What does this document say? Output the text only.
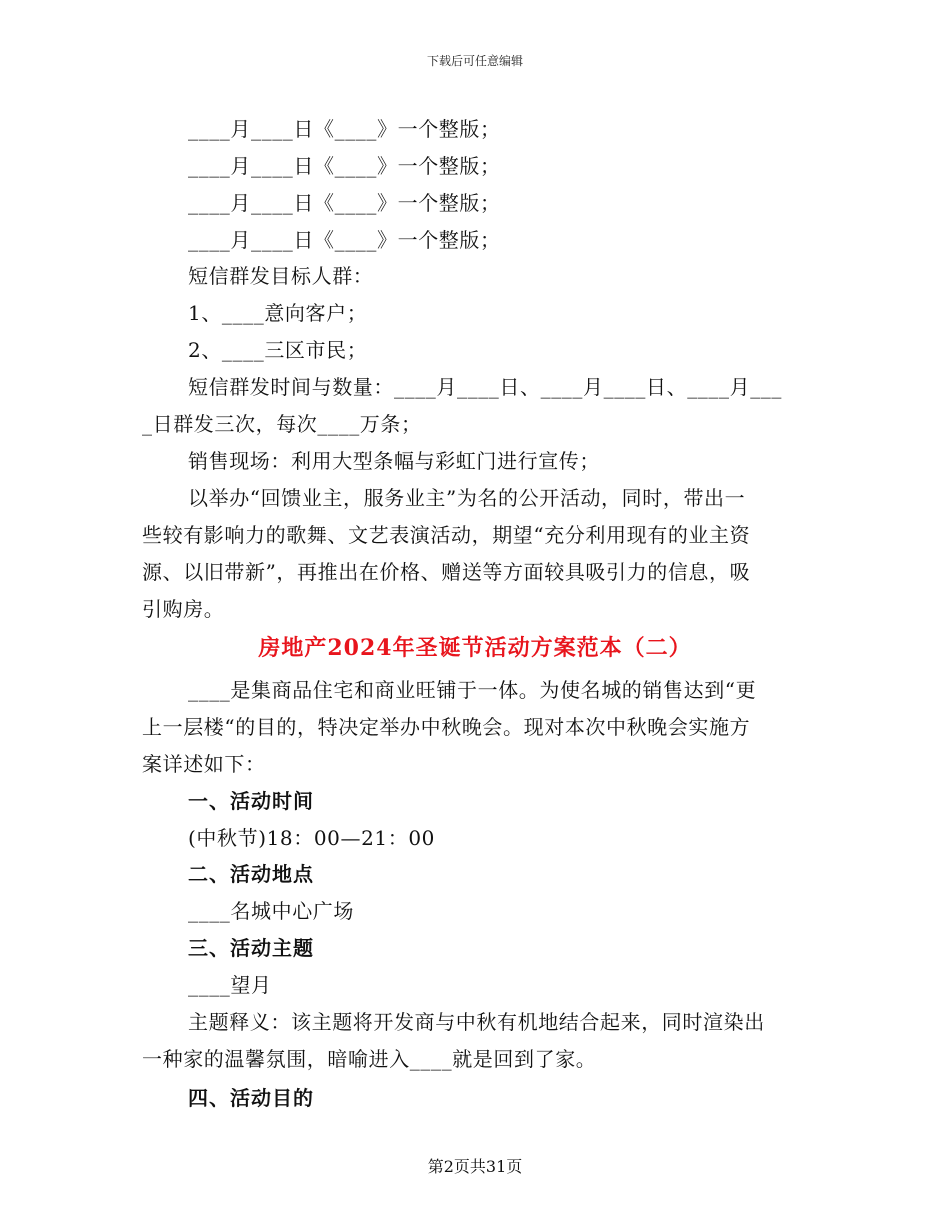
下载后可任意编辑
____月____日《____》一个整版；
____月____日《____》一个整版；
____月____日《____》一个整版；
____月____日《____》一个整版；
短信群发目标人群：
1、____意向客户；
2、____三区市民；
短信群发时间与数量：____月____日、____月____日、____月___
_日群发三次，每次____万条；
销售现场：利用大型条幅与彩虹门进行宣传；
以举办“回馈业主，服务业主”为名的公开活动，同时，带出一
些较有影响力的歌舞、文艺表演活动，期望“充分利用现有的业主资
源、以旧带新”，再推出在价格、赠送等方面较具吸引力的信息，吸
引购房。
房地产2024年圣诞节活动方案范本（二）
____是集商品住宅和商业旺铺于一体。为使名城的销售达到“更
上一层楼“的目的，特决定举办中秋晚会。现对本次中秋晚会实施方
案详述如下：
一、活动时间
(中秋节)18：00—21：00
二、活动地点
____名城中心广场
三、活动主题
____望月
主题释义：该主题将开发商与中秋有机地结合起来，同时渲染出
一种家的温馨氛围，暗喻进入____就是回到了家。
四、活动目的
第2页共31页
